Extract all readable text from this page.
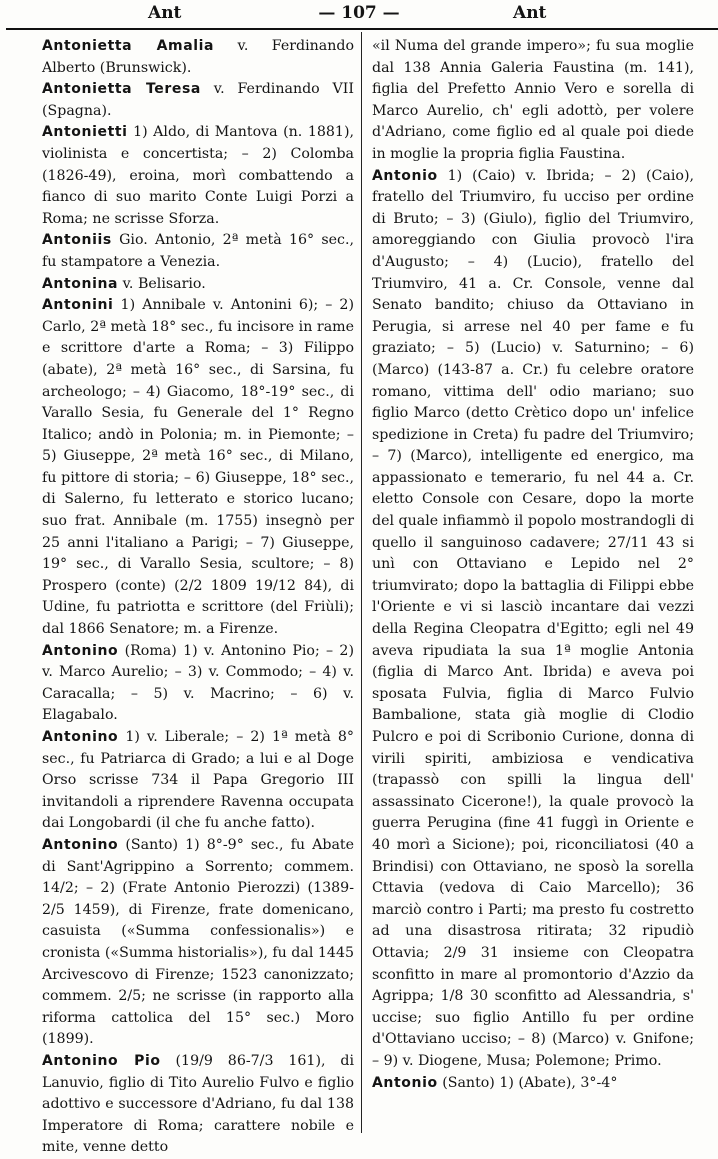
Ant	— 107 —	Ant

Antonietta Amalia v. Ferdinando Alberto (Brunswick).

Antonietta Teresa v. Ferdinando VII (Spagna).

Antonietti 1) Aldo, di Mantova (n. 1881), violinista e concertista; – 2) Colomba (1826-49), eroina, morì combattendo a fianco di suo marito Conte Luigi Porzi a Roma; ne scrisse Sforza.

Antoniis Gio. Antonio, 2ª metà 16° sec., fu stampatore a Venezia.

Antonina v. Belisario.

Antonini 1) Annibale v. Antonini 6); – 2) Carlo, 2ª metà 18° sec., fu incisore in rame e scrittore d'arte a Roma; – 3) Filippo (abate), 2ª metà 16° sec., di Sarsina, fu archeologo; – 4) Giacomo, 18°-19° sec., di Varallo Sesia, fu Generale del 1° Regno Italico; andò in Polonia; m. in Piemonte; – 5) Giuseppe, 2ª metà 16° sec., di Milano, fu pittore di storia; – 6) Giuseppe, 18° sec., di Salerno, fu letterato e storico lucano; suo frat. Annibale (m. 1755) insegnò per 25 anni l'italiano a Parigi; – 7) Giuseppe, 19° sec., di Varallo Sesia, scultore; – 8) Prospero (conte) (2/2 1809 19/12 84), di Udine, fu patriotta e scrittore (del Friùli); dal 1866 Senatore; m. a Firenze.

Antonino (Roma) 1) v. Antonino Pio; – 2) v. Marco Aurelio; – 3) v. Commodo; – 4) v. Caracalla; – 5) v. Macrino; – 6) v. Elagabalo.

Antonino 1) v. Liberale; – 2) 1ª metà 8° sec., fu Patriarca di Grado; a lui e al Doge Orso scrisse 734 il Papa Gregorio III invitandoli a riprendere Ravenna occupata dai Longobardi (il che fu anche fatto).

Antonino (Santo) 1) 8°-9° sec., fu Abate di Sant'Agrippino a Sorrento; commem. 14/2; – 2) (Frate Antonio Pierozzi) (1389-2/5 1459), di Firenze, frate domenicano, casuista («Summa confessionalis») e cronista («Summa historialis»), fu dal 1445 Arcivescovo di Firenze; 1523 canonizzato; commem. 2/5; ne scrisse (in rapporto alla riforma cattolica del 15° sec.) Moro (1899).

Antonino Pio (19/9 86-7/3 161), di Lanuvio, figlio di Tito Aurelio Fulvo e figlio adottivo e successore d'Adriano, fu dal 138 Imperatore di Roma; carattere nobile e mite, venne detto

«il Numa del grande impero»; fu sua moglie dal 138 Annia Galeria Faustina (m. 141), figlia del Prefetto Annio Vero e sorella di Marco Aurelio, ch' egli adottò, per volere d'Adriano, come figlio ed al quale poi diede in moglie la propria figlia Faustina.

Antonio 1) (Caio) v. Ibrida; – 2) (Caio), fratello del Triumviro, fu ucciso per ordine di Bruto; – 3) (Giulo), figlio del Triumviro, amoreggiando con Giulia provocò l'ira d'Augusto; – 4) (Lucio), fratello del Triumviro, 41 a. Cr. Console, venne dal Senato bandito; chiuso da Ottaviano in Perugia, si arrese nel 40 per fame e fu graziato; – 5) (Lucio) v. Saturnino; – 6) (Marco) (143-87 a. Cr.) fu celebre oratore romano, vittima dell' odio mariano; suo figlio Marco (detto Crètico dopo un' infelice spedizione in Creta) fu padre del Triumviro; – 7) (Marco), intelligente ed energico, ma appassionato e temerario, fu nel 44 a. Cr. eletto Console con Cesare, dopo la morte del quale infiammò il popolo mostrandogli di quello il sanguinoso cadavere; 27/11 43 si unì con Ottaviano e Lepido nel 2° triumvirato; dopo la battaglia di Filippi ebbe l'Oriente e vi si lasciò incantare dai vezzi della Regina Cleopatra d'Egitto; egli nel 49 aveva ripudiata la sua 1ª moglie Antonia (figlia di Marco Ant. Ibrida) e aveva poi sposata Fulvia, figlia di Marco Fulvio Bambalione, stata già moglie di Clodio Pulcro e poi di Scribonio Curione, donna di virili spiriti, ambiziosa e vendicativa (trapassò con spilli la lingua dell' assassinato Cicerone!), la quale provocò la guerra Perugina (fine 41 fuggì in Oriente e 40 morì a Sicione); poi, riconciliatosi (40 a Brindisi) con Ottaviano, ne sposò la sorella Cttavia (vedova di Caio Marcello); 36 marciò contro i Parti; ma presto fu costretto ad una disastrosa ritirata; 32 ripudiò Ottavia; 2/9 31 insieme con Cleopatra sconfitto in mare al promontorio d'Azzio da Agrippa; 1/8 30 sconfitto ad Alessandria, s' uccise; suo figlio Antillo fu per ordine d'Ottaviano ucciso; – 8) (Marco) v. Gnifone; – 9) v. Diogene, Musa; Polemone; Primo.

Antonio (Santo) 1) (Abate), 3°-4°
